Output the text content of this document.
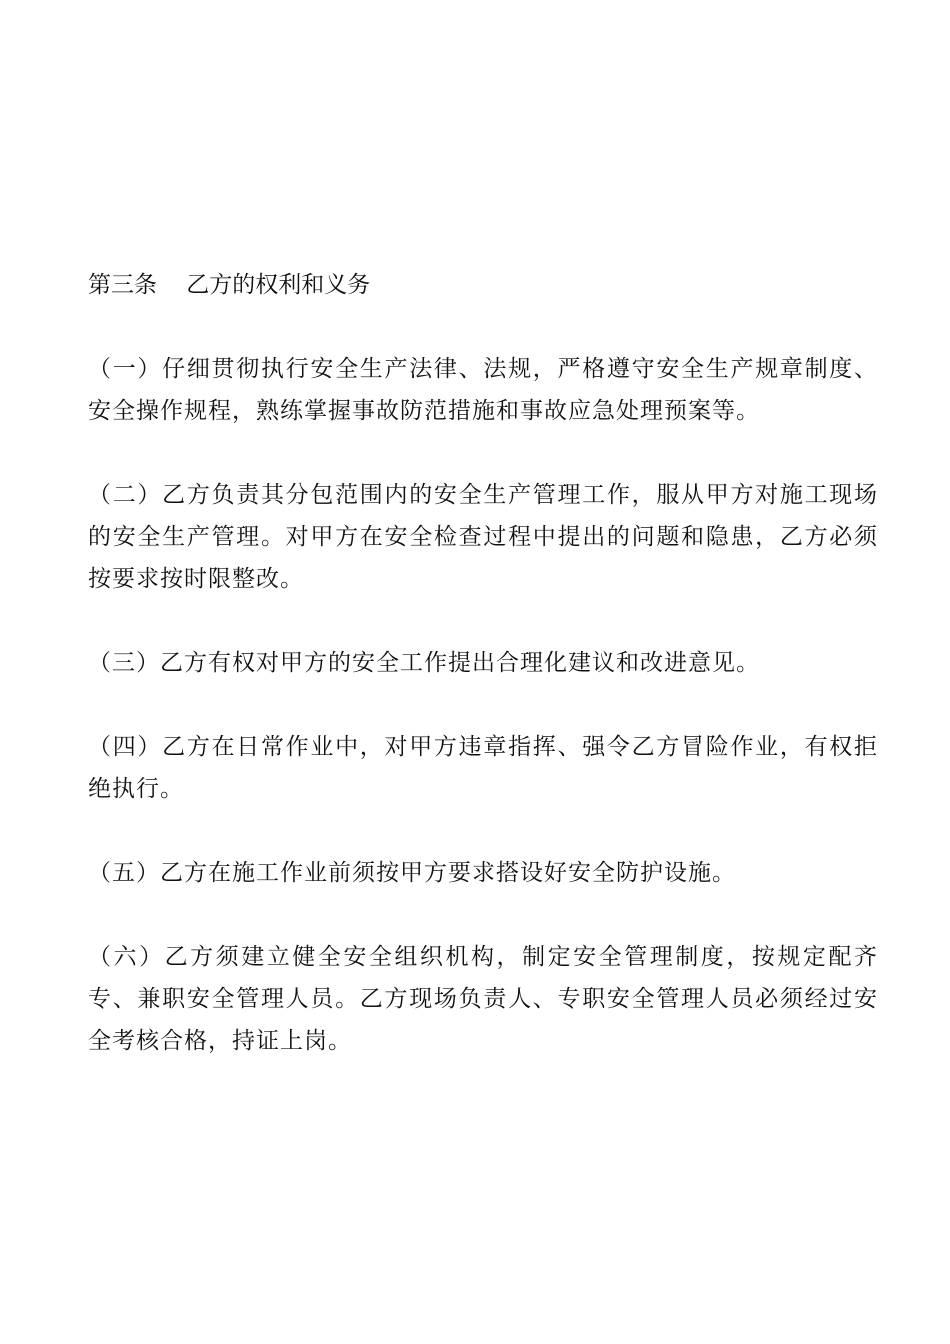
第三条    乙方的权利和义务

（一）仔细贯彻执行安全生产法律、法规，严格遵守安全生产规章制度、安全操作规程，熟练掌握事故防范措施和事故应急处理预案等。

（二）乙方负责其分包范围内的安全生产管理工作，服从甲方对施工现场的安全生产管理。对甲方在安全检查过程中提出的问题和隐患，乙方必须按要求按时限整改。

（三）乙方有权对甲方的安全工作提出合理化建议和改进意见。

（四）乙方在日常作业中，对甲方违章指挥、强令乙方冒险作业，有权拒绝执行。

（五）乙方在施工作业前须按甲方要求搭设好安全防护设施。

（六）乙方须建立健全安全组织机构，制定安全管理制度，按规定配齐专、兼职安全管理人员。乙方现场负责人、专职安全管理人员必须经过安全考核合格，持证上岗。
